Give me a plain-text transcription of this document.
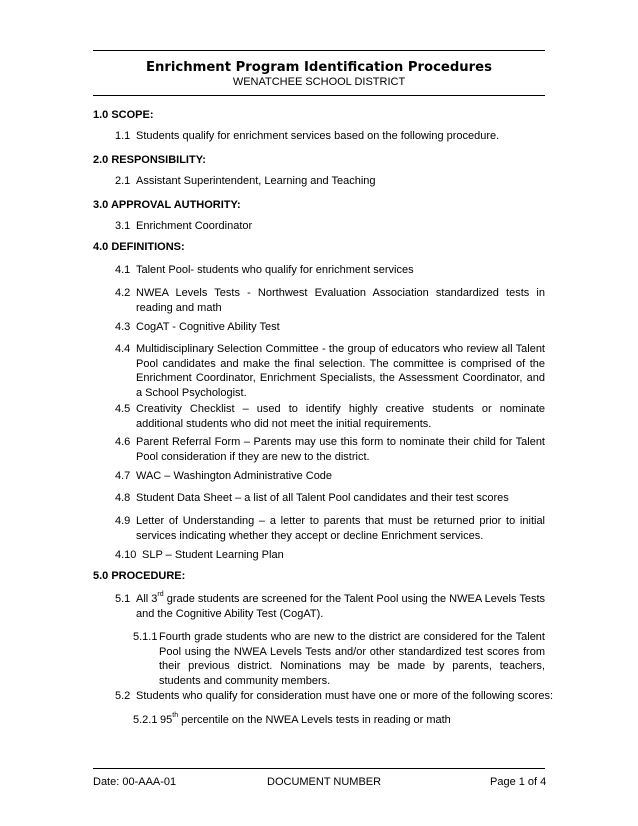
Enrichment Program Identification Procedures
WENATCHEE SCHOOL DISTRICT
1.0 SCOPE:
1.1 Students qualify for enrichment services based on the following procedure.
2.0 RESPONSIBILITY:
2.1 Assistant Superintendent, Learning and Teaching
3.0 APPROVAL AUTHORITY:
3.1 Enrichment Coordinator
4.0 DEFINITIONS:
4.1 Talent Pool- students who qualify for enrichment services
4.2 NWEA Levels Tests - Northwest Evaluation Association standardized tests in reading and math
4.3 CogAT - Cognitive Ability Test
4.4 Multidisciplinary Selection Committee - the group of educators who review all Talent Pool candidates and make the final selection. The committee is comprised of the Enrichment Coordinator, Enrichment Specialists, the Assessment Coordinator, and a School Psychologist.
4.5 Creativity Checklist – used to identify highly creative students or nominate additional students who did not meet the initial requirements.
4.6 Parent Referral Form – Parents may use this form to nominate their child for Talent Pool consideration if they are new to the district.
4.7 WAC – Washington Administrative Code
4.8 Student Data Sheet – a list of all Talent Pool candidates and their test scores
4.9 Letter of Understanding – a letter to parents that must be returned prior to initial services indicating whether they accept or decline Enrichment services.
4.10 SLP – Student Learning Plan
5.0 PROCEDURE:
5.1 All 3rd grade students are screened for the Talent Pool using the NWEA Levels Tests and the Cognitive Ability Test (CogAT).
5.1.1 Fourth grade students who are new to the district are considered for the Talent Pool using the NWEA Levels Tests and/or other standardized test scores from their previous district. Nominations may be made by parents, teachers, students and community members.
5.2 Students who qualify for consideration must have one or more of the following scores:
5.2.1 95th percentile on the NWEA Levels tests in reading or math
Date: 00-AAA-01	DOCUMENT NUMBER	Page 1 of 4
